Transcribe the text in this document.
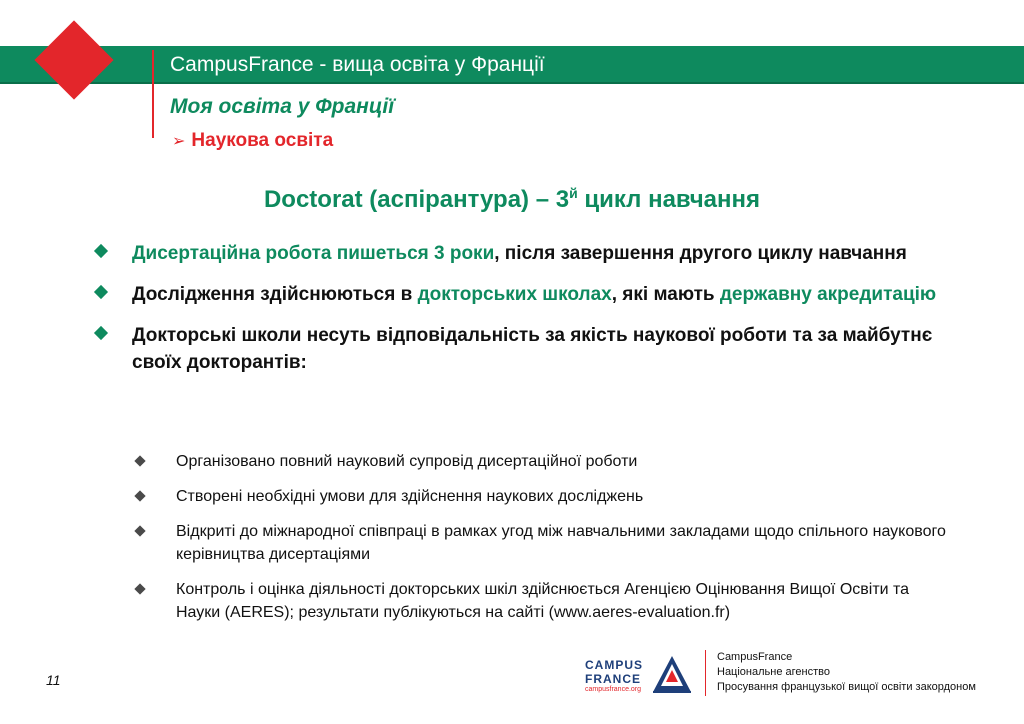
CampusFrance - вища освіта у Франції
Моя освіта у Франції
➢ Наукова освіта
Doctorat (аспірантура) – $3^й$ цикл навчання
Дисертаційна робота пишеться 3 роки, після завершення другого циклу навчання
Дослідження здійснюються в докторських школах, які мають державну акредитацію
Докторські школи несуть відповідальність за якість наукової роботи та за майбутнє своїх докторантів:
Організовано повний науковий супровід дисертаційної роботи
Створені необхідні умови для здійснення наукових досліджень
Відкриті до міжнародної співпраці в рамках угод між навчальними закладами щодо спільного наукового керівництва дисертаціями
Контроль і оцінка діяльності докторських шкіл здійснюється Агенцією Оцінювання Вищої Освіти та Науки (AERES); результати публікуються на сайті (www.aeres-evaluation.fr)
11
CAMPUS
FRANCE
campusfrance.org
CampusFrance
Національне агенство
Просування французької вищої освіти закордоном
